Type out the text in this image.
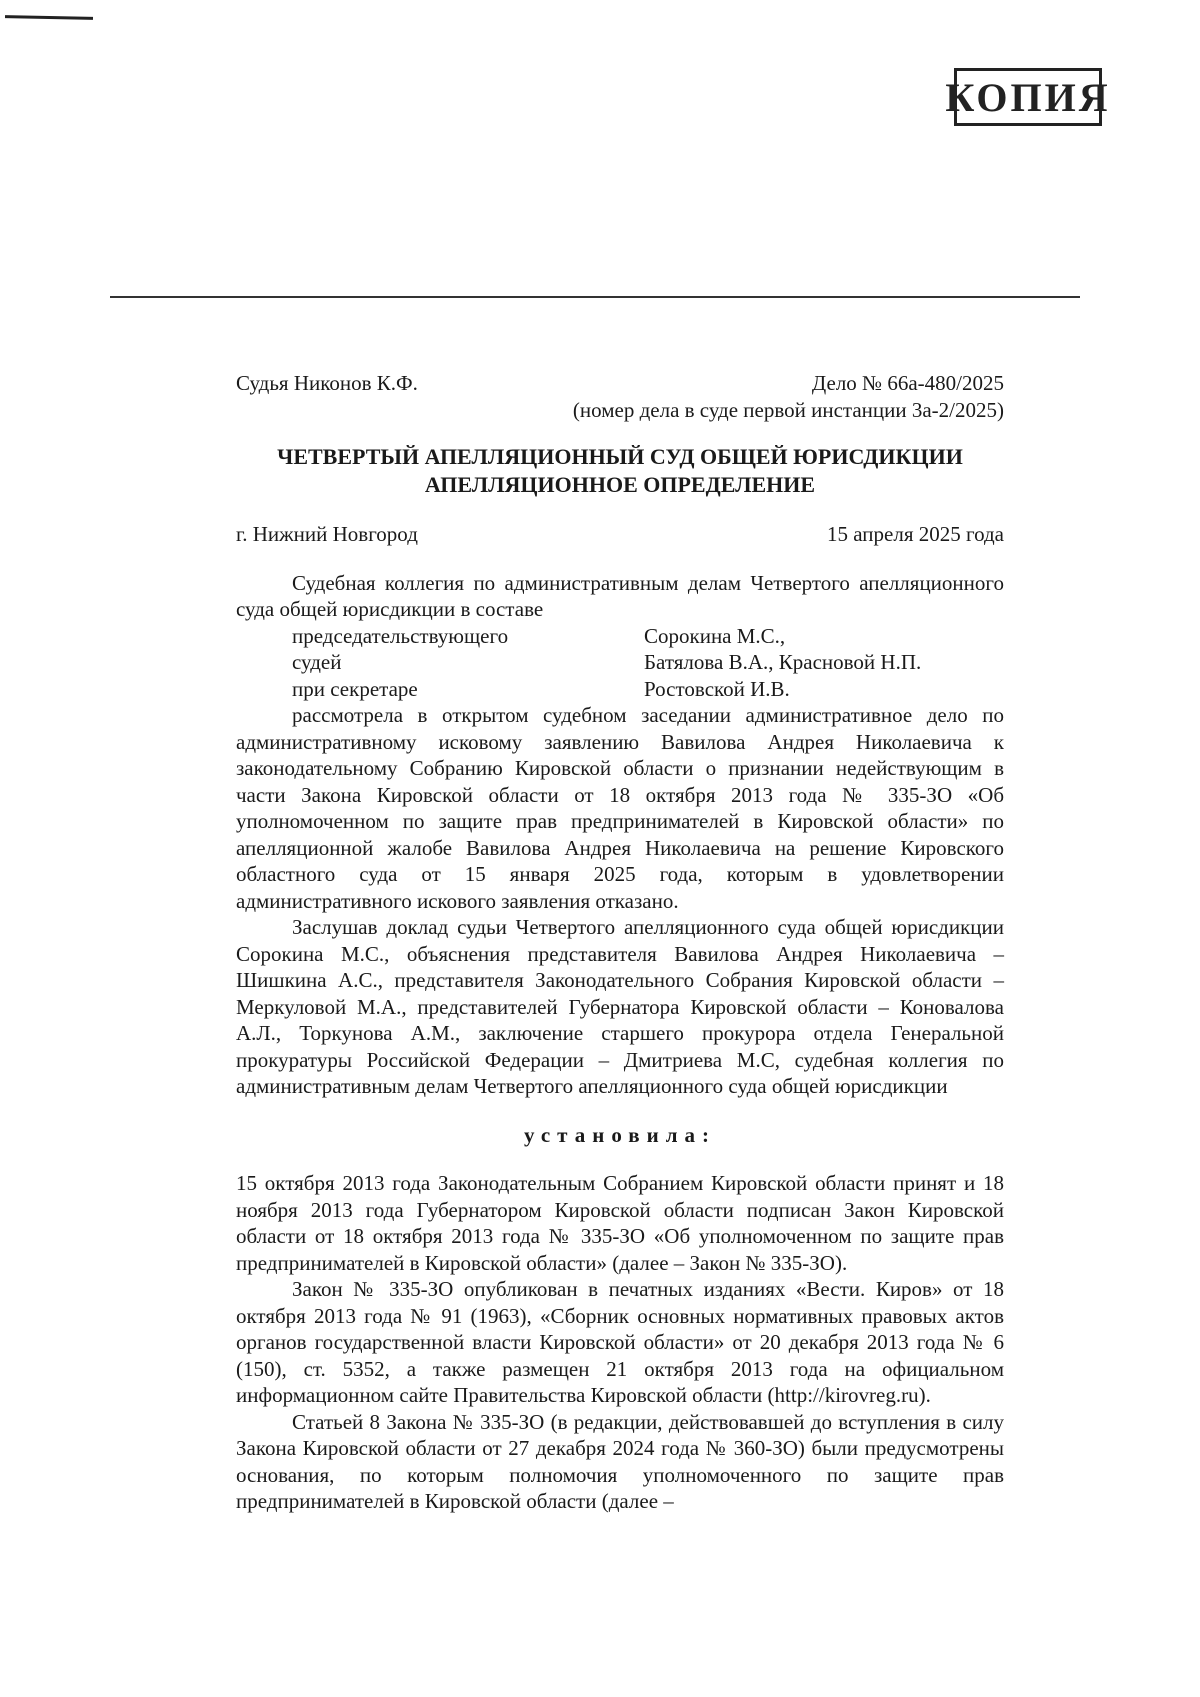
КОПИЯ
Судья Никонов К.Ф.	Дело № 66а-480/2025
(номер дела в суде первой инстанции 3а-2/2025)
ЧЕТВЕРТЫЙ АПЕЛЛЯЦИОННЫЙ СУД ОБЩЕЙ ЮРИСДИКЦИИ
АПЕЛЛЯЦИОННОЕ ОПРЕДЕЛЕНИЕ
г. Нижний Новгород	15 апреля 2025 года

Судебная коллегия по административным делам Четвертого апелляционного суда общей юрисдикции в составе

председательствующего	Сорокина М.С.,
судей	Батялова В.А., Красновой Н.П.
при секретаре	Ростовской И.В.

рассмотрела в открытом судебном заседании административное дело по административному исковому заявлению Вавилова Андрея Николаевича к законодательному Собранию Кировской области о признании недействующим в части Закона Кировской области от 18 октября 2013 года № 335-ЗО «Об уполномоченном по защите прав предпринимателей в Кировской области» по апелляционной жалобе Вавилова Андрея Николаевича на решение Кировского областного суда от 15 января 2025 года, которым в удовлетворении административного искового заявления отказано.

Заслушав доклад судьи Четвертого апелляционного суда общей юрисдикции Сорокина М.С., объяснения представителя Вавилова Андрея Николаевича – Шишкина А.С., представителя Законодательного Собрания Кировской области – Меркуловой М.А., представителей Губернатора Кировской области – Коновалова А.Л., Торкунова А.М., заключение старшего прокурора отдела Генеральной прокуратуры Российской Федерации – Дмитриева М.С, судебная коллегия по административным делам Четвертого апелляционного суда общей юрисдикции

установила:

15 октября 2013 года Законодательным Собранием Кировской области принят и 18 ноября 2013 года Губернатором Кировской области подписан Закон Кировской области от 18 октября 2013 года № 335-ЗО «Об уполномоченном по защите прав предпринимателей в Кировской области» (далее – Закон № 335-ЗО).

Закон № 335-ЗО опубликован в печатных изданиях «Вести. Киров» от 18 октября 2013 года № 91 (1963), «Сборник основных нормативных правовых актов органов государственной власти Кировской области» от 20 декабря 2013 года № 6 (150), ст. 5352, а также размещен 21 октября 2013 года на официальном информационном сайте Правительства Кировской области (http://kirovreg.ru).

Статьей 8 Закона № 335-ЗО (в редакции, действовавшей до вступления в силу Закона Кировской области от 27 декабря 2024 года № 360-ЗО) были предусмотрены основания, по которым полномочия уполномоченного по защите прав предпринимателей в Кировской области (далее –
